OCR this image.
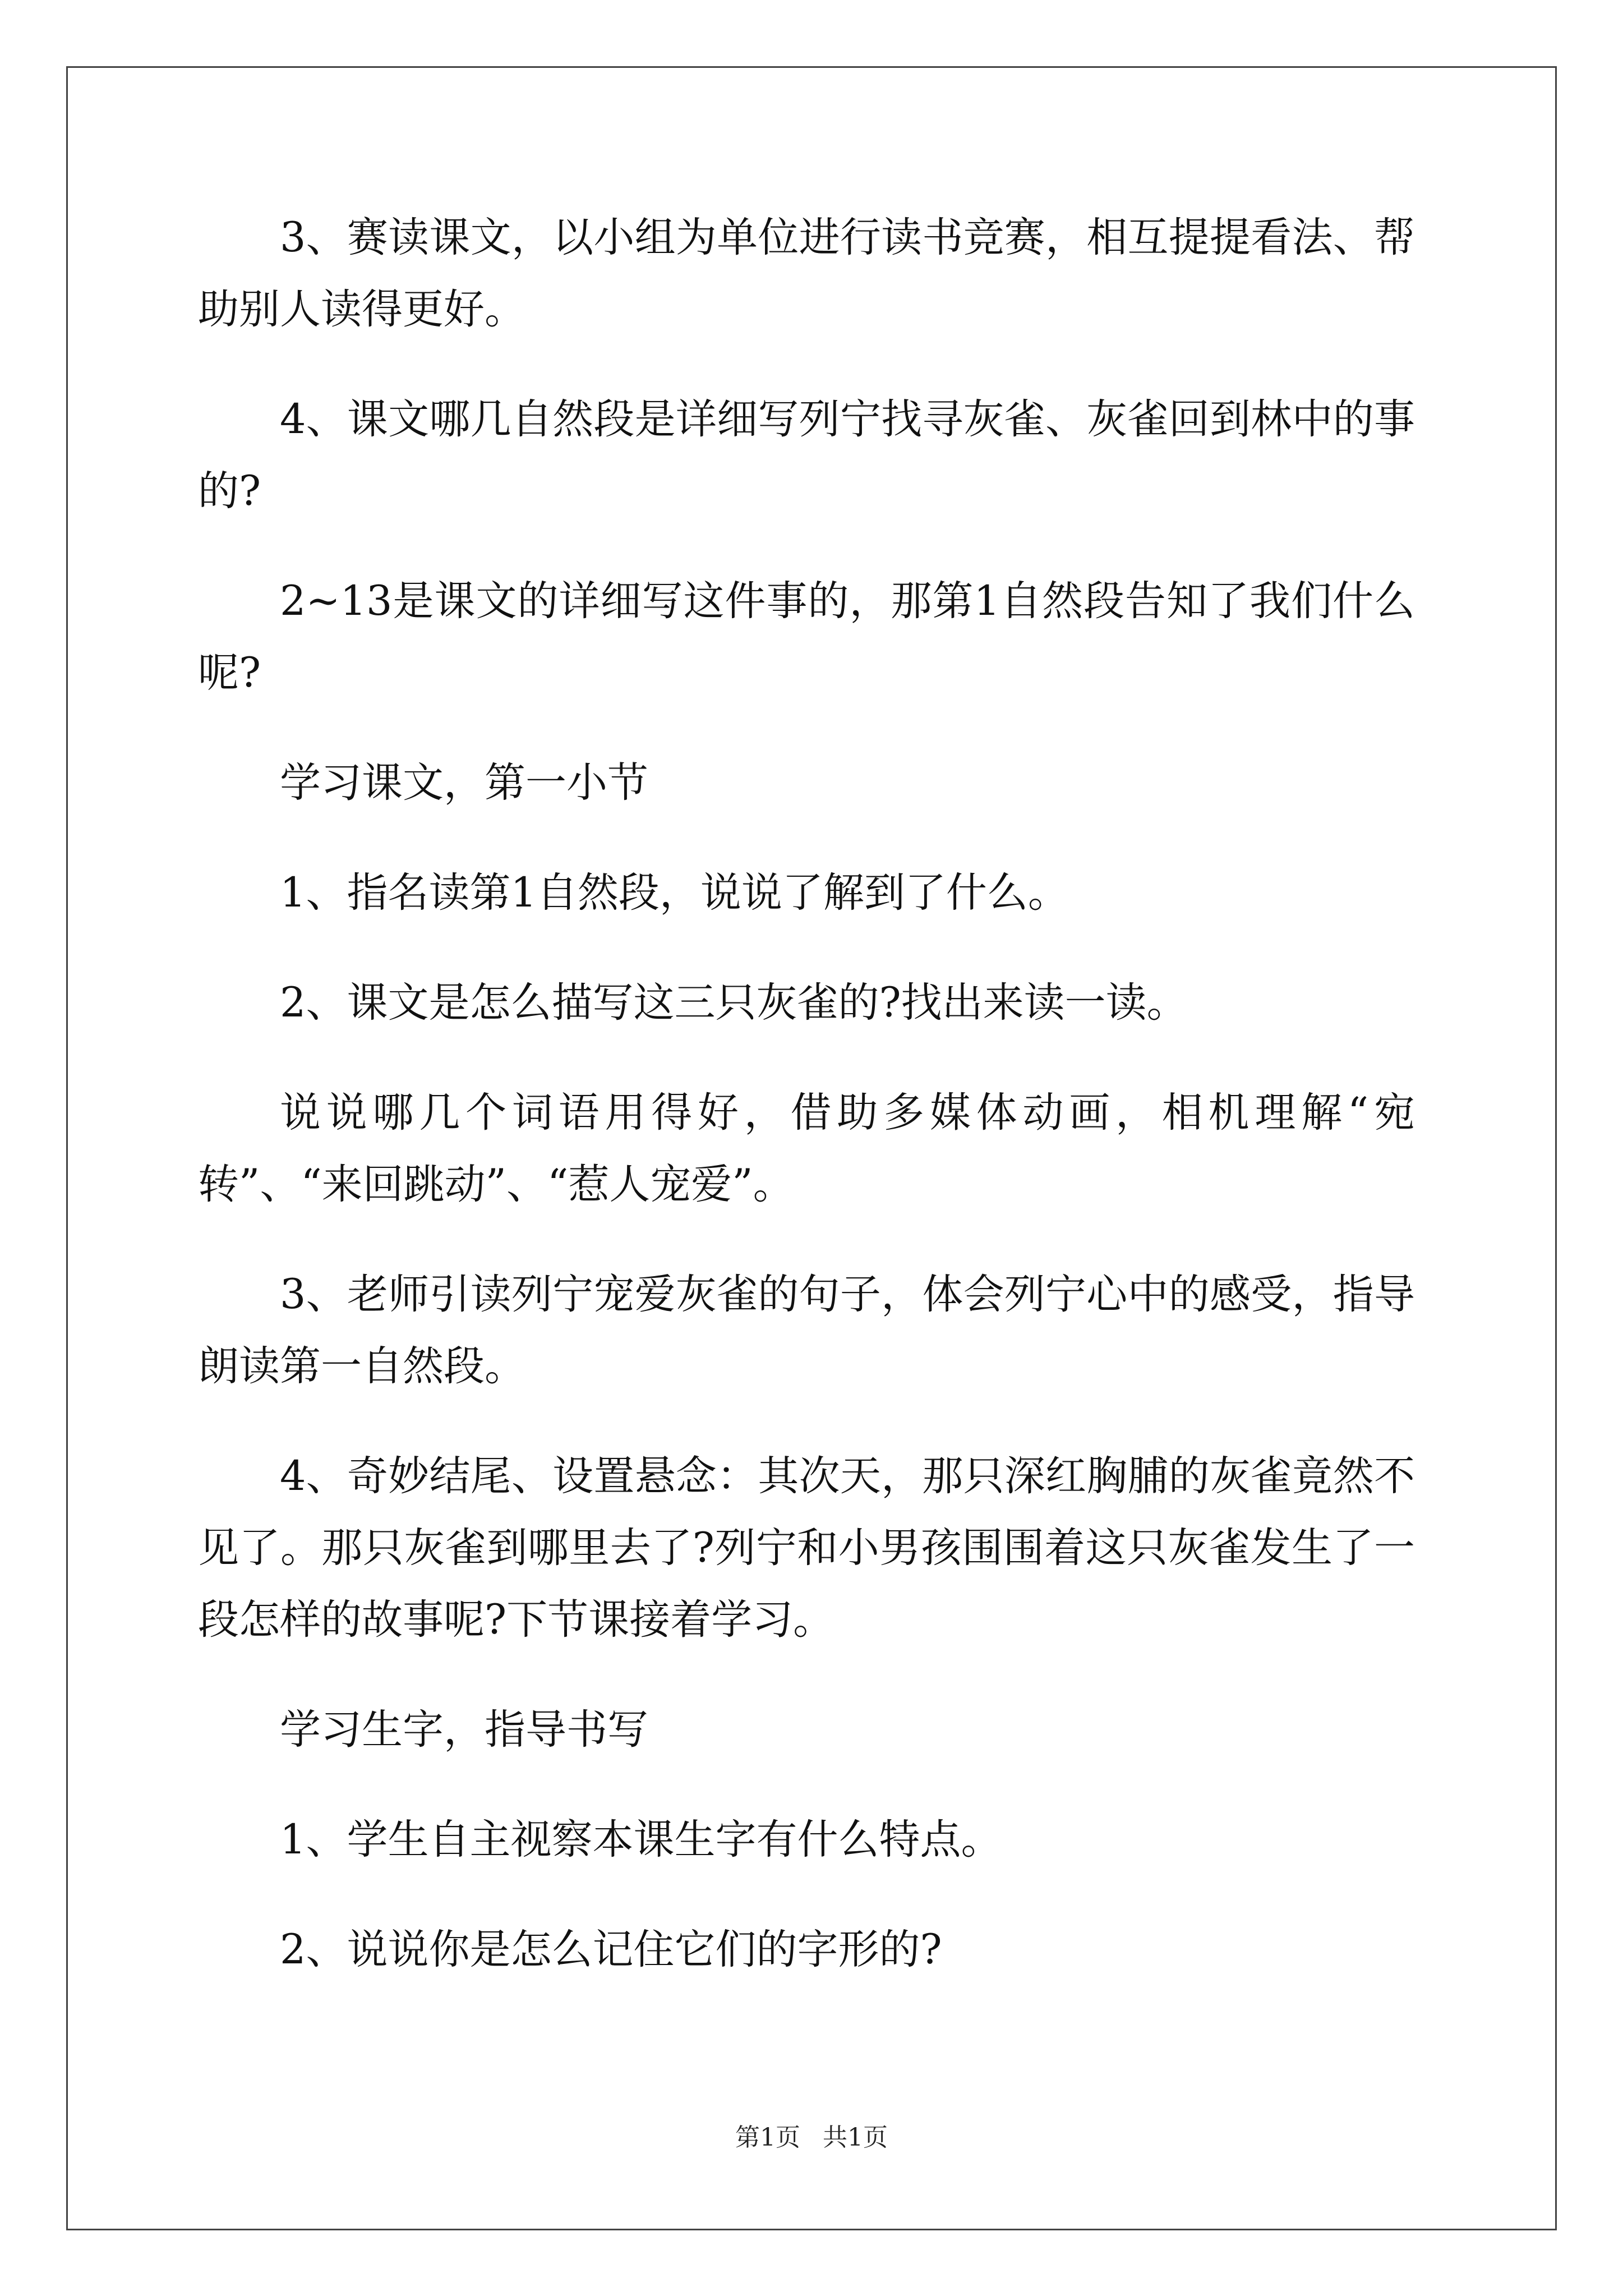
3、赛读课文，以小组为单位进行读书竞赛，相互提提看法、帮助别人读得更好。

4、课文哪几自然段是详细写列宁找寻灰雀、灰雀回到林中的事的?

2~13是课文的详细写这件事的，那第1自然段告知了我们什么呢?

学习课文，第一小节

1、指名读第1自然段，说说了解到了什么。

2、课文是怎么描写这三只灰雀的?找出来读一读。

说说哪几个词语用得好，借助多媒体动画，相机理解“宛转”、“来回跳动”、“惹人宠爱”。

3、老师引读列宁宠爱灰雀的句子，体会列宁心中的感受，指导朗读第一自然段。

4、奇妙结尾、设置悬念：其次天，那只深红胸脯的灰雀竟然不见了。那只灰雀到哪里去了?列宁和小男孩围围着这只灰雀发生了一段怎样的故事呢?下节课接着学习。

学习生字，指导书写

1、学生自主视察本课生字有什么特点。

2、说说你是怎么记住它们的字形的?

第1页 共1页
